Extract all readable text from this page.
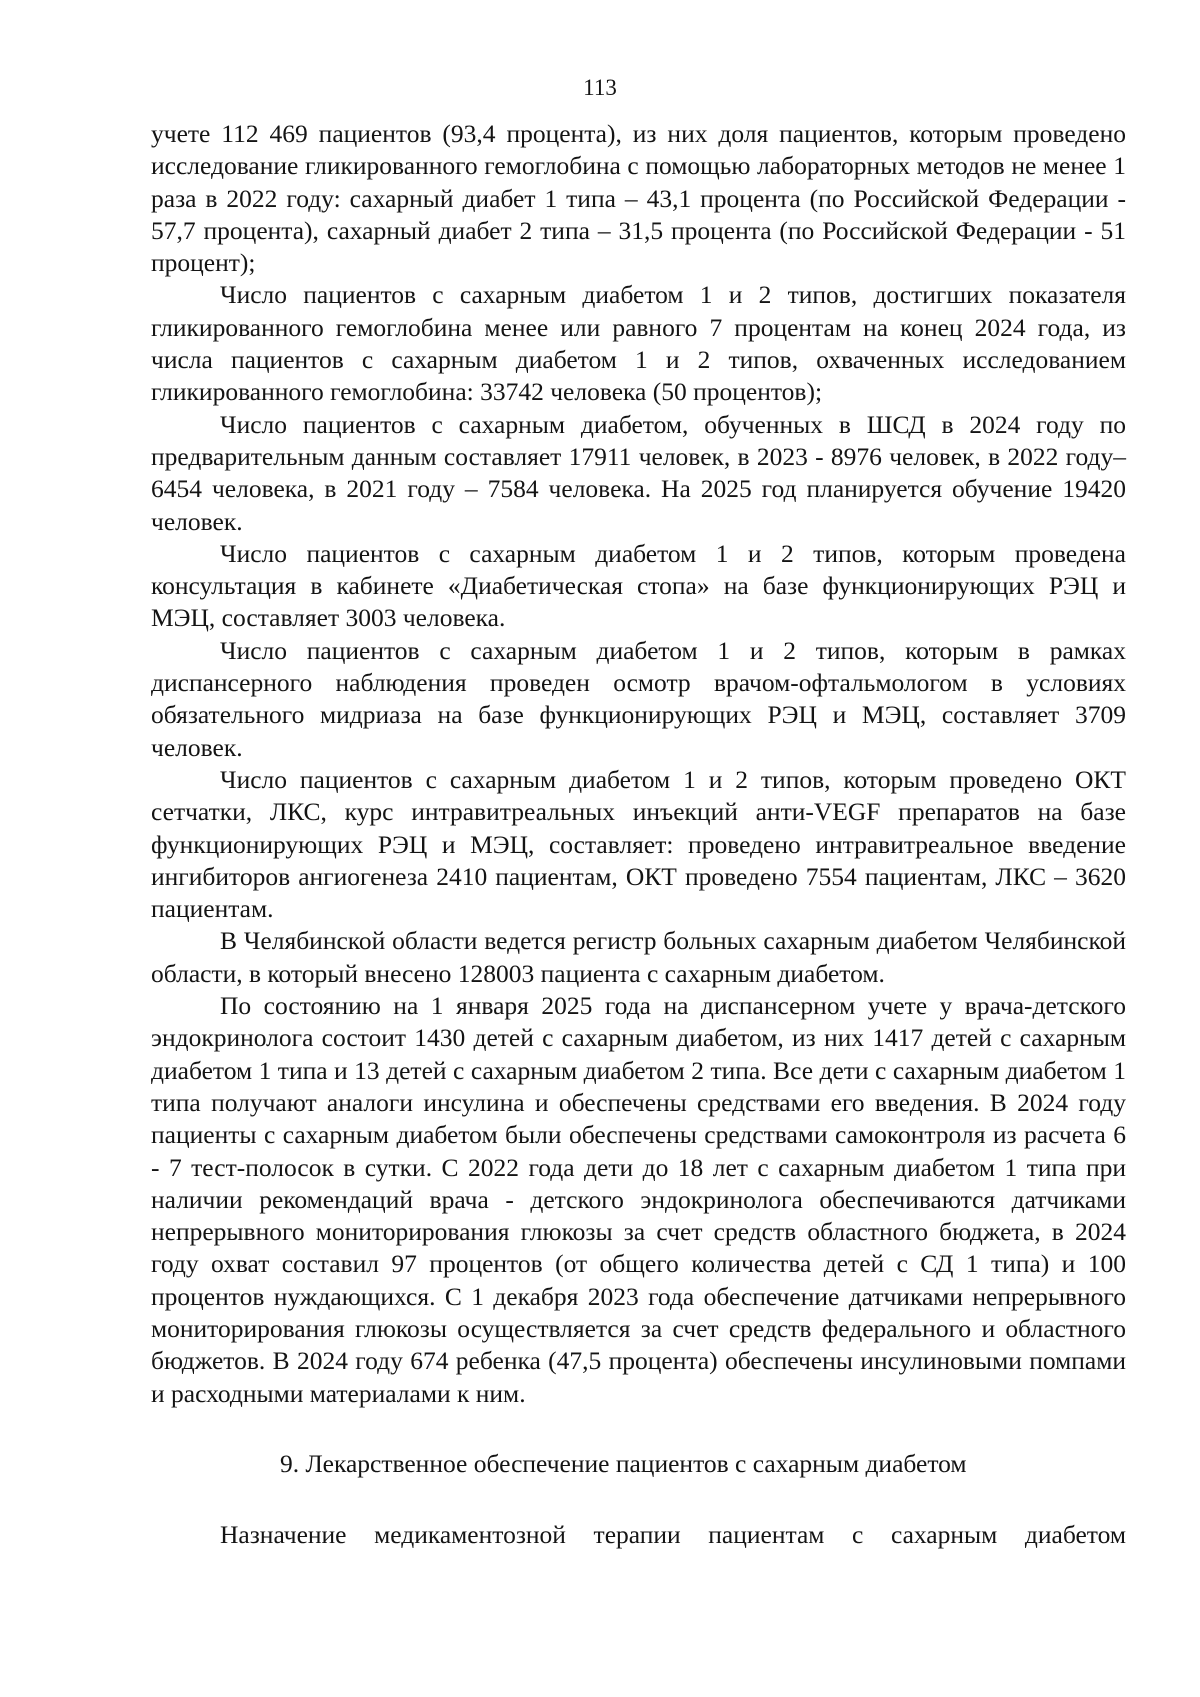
113

учете 112 469 пациентов (93,4 процента), из них доля пациентов, которым проведено исследование гликированного гемоглобина с помощью лабораторных методов не менее 1 раза в 2022 году: сахарный диабет 1 типа – 43,1 процента (по Российской Федерации - 57,7 процента), сахарный диабет 2 типа – 31,5 процента (по Российской Федерации - 51 процент);

Число пациентов с сахарным диабетом 1 и 2 типов, достигших показателя гликированного гемоглобина менее или равного 7 процентам на конец 2024 года, из числа пациентов с сахарным диабетом 1 и 2 типов, охваченных исследованием гликированного гемоглобина: 33742 человека (50 процентов);

Число пациентов с сахарным диабетом, обученных в ШСД в 2024 году по предварительным данным составляет 17911 человек, в 2023 - 8976 человек, в 2022 году– 6454 человека, в 2021 году – 7584 человека. На 2025 год планируется обучение 19420 человек.

Число пациентов с сахарным диабетом 1 и 2 типов, которым проведена консультация в кабинете «Диабетическая стопа» на базе функционирующих РЭЦ и МЭЦ, составляет 3003 человека.

Число пациентов с сахарным диабетом 1 и 2 типов, которым в рамках диспансерного наблюдения проведен осмотр врачом-офтальмологом в условиях обязательного мидриаза на базе функционирующих РЭЦ и МЭЦ, составляет 3709 человек.

Число пациентов с сахарным диабетом 1 и 2 типов, которым проведено ОКТ сетчатки, ЛКС, курс интравитреальных инъекций анти-VEGF препаратов на базе функционирующих РЭЦ и МЭЦ, составляет: проведено интравитреальное введение ингибиторов ангиогенеза 2410 пациентам, ОКТ проведено 7554 пациентам, ЛКС – 3620 пациентам.

В Челябинской области ведется регистр больных сахарным диабетом Челябинской области, в который внесено 128003 пациента с сахарным диабетом.

По состоянию на 1 января 2025 года на диспансерном учете у врача-детского эндокринолога состоит 1430 детей с сахарным диабетом, из них 1417 детей с сахарным диабетом 1 типа и 13 детей с сахарным диабетом 2 типа. Все дети с сахарным диабетом 1 типа получают аналоги инсулина и обеспечены средствами его введения. В 2024 году пациенты с сахарным диабетом были обеспечены средствами самоконтроля из расчета 6 - 7 тест-полосок в сутки. С 2022 года дети до 18 лет с сахарным диабетом 1 типа при наличии рекомендаций врача - детского эндокринолога обеспечиваются датчиками непрерывного мониторирования глюкозы за счет средств областного бюджета, в 2024 году охват составил 97 процентов (от общего количества детей с СД 1 типа) и 100 процентов нуждающихся. С 1 декабря 2023 года обеспечение датчиками непрерывного мониторирования глюкозы осуществляется за счет средств федерального и областного бюджетов. В 2024 году 674 ребенка (47,5 процента) обеспечены инсулиновыми помпами и расходными материалами к ним.

9. Лекарственное обеспечение пациентов с сахарным диабетом

Назначение медикаментозной терапии пациентам с сахарным диабетом
